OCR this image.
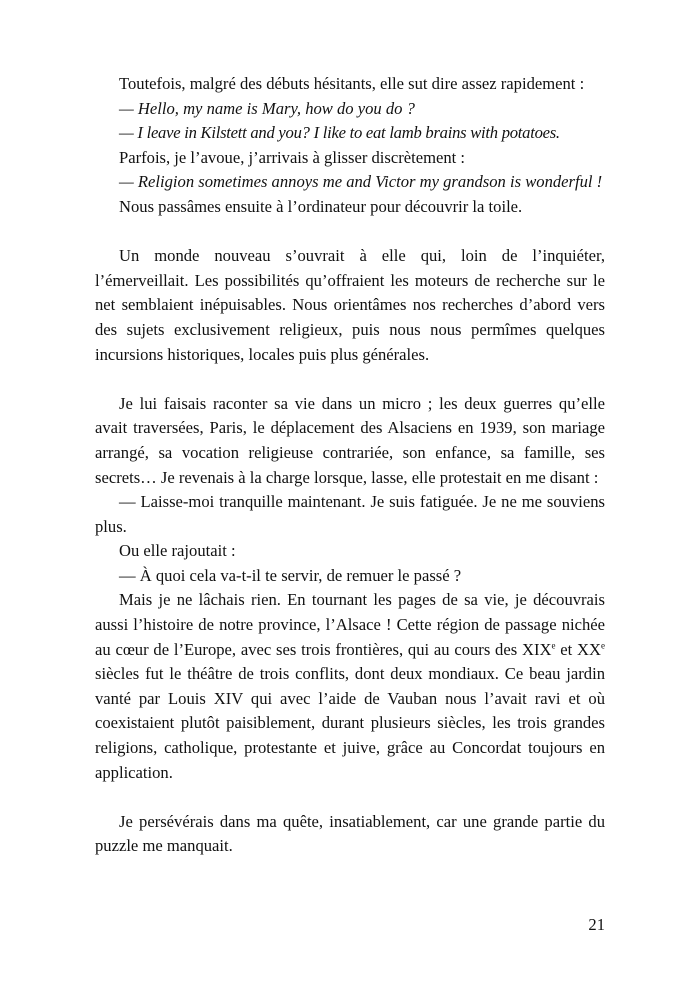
Toutefois, malgré des débuts hésitants, elle sut dire assez rapidement :

— Hello, my name is Mary, how do you do ?

— I leave in Kilstett and you? I like to eat lamb brains with potatoes.

Parfois, je l’avoue, j’arrivais à glisser discrètement :

— Religion sometimes annoys me and Victor my grandson is wonderful !

Nous passâmes ensuite à l’ordinateur pour découvrir la toile.

Un monde nouveau s’ouvrait à elle qui, loin de l’inquiéter, l’émerveillait. Les possibilités qu’offraient les moteurs de recherche sur le net semblaient inépuisables. Nous orientâmes nos recherches d’abord vers des sujets exclusivement religieux, puis nous nous permîmes quelques incursions historiques, locales puis plus générales.

Je lui faisais raconter sa vie dans un micro ; les deux guerres qu’elle avait traversées, Paris, le déplacement des Alsaciens en 1939, son mariage arrangé, sa vocation religieuse contrariée, son enfance, sa famille, ses secrets… Je revenais à la charge lorsque, lasse, elle protestait en me disant :

— Laisse-moi tranquille maintenant. Je suis fatiguée. Je ne me souviens plus.

Ou elle rajoutait :

— À quoi cela va-t-il te servir, de remuer le passé ?

Mais je ne lâchais rien. En tournant les pages de sa vie, je découvrais aussi l’histoire de notre province, l’Alsace ! Cette région de passage nichée au cœur de l’Europe, avec ses trois frontières, qui au cours des XIXe et XXe siècles fut le théâtre de trois conflits, dont deux mondiaux. Ce beau jardin vanté par Louis XIV qui avec l’aide de Vauban nous l’avait ravi et où coexistaient plutôt paisiblement, durant plusieurs siècles, les trois grandes religions, catholique, protestante et juive, grâce au Concordat toujours en application.

Je persévérais dans ma quête, insatiablement, car une grande partie du puzzle me manquait.

21
